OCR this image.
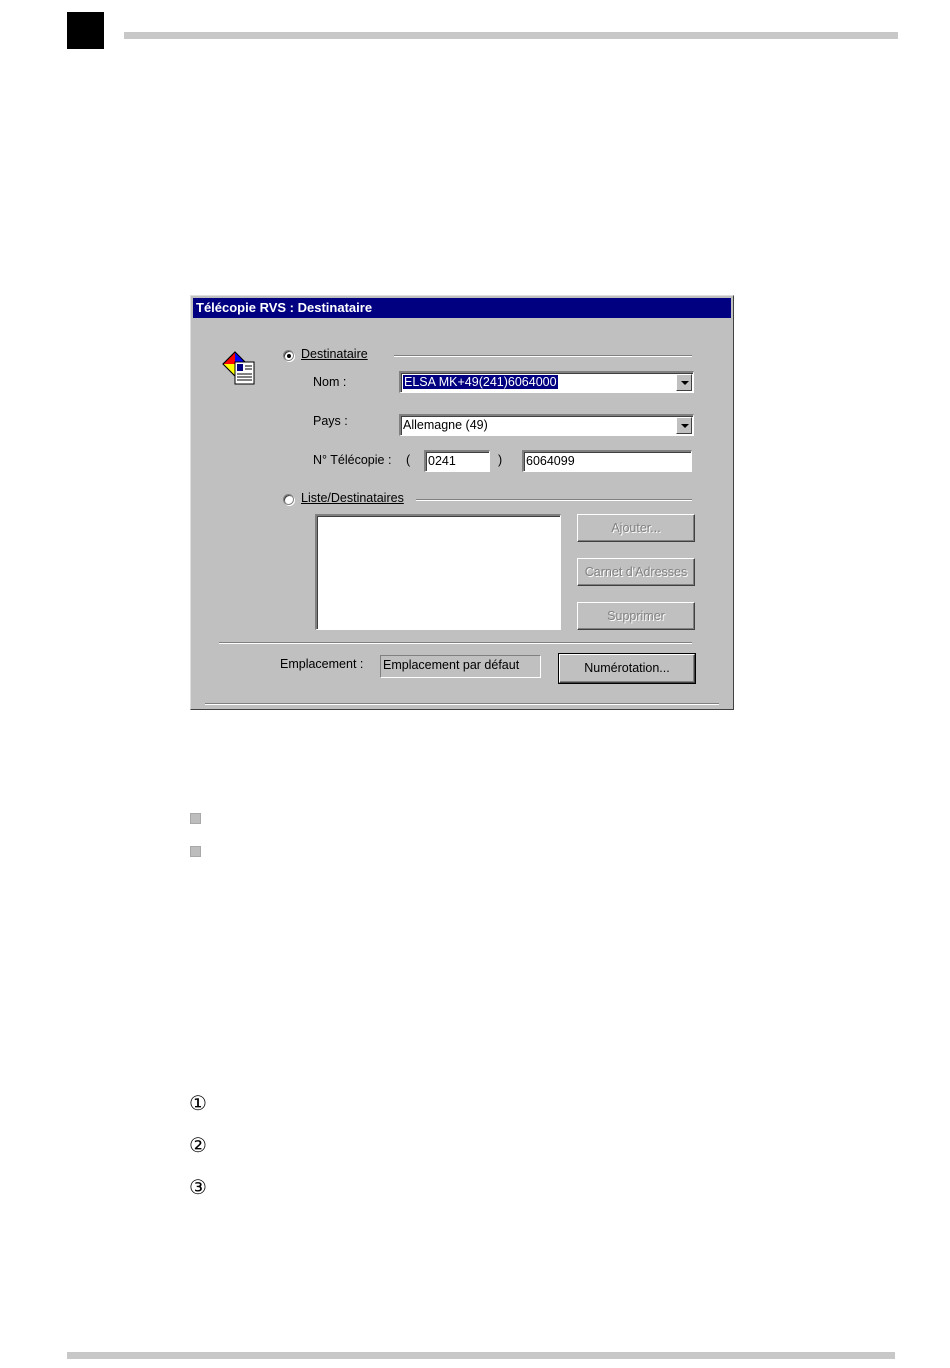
Télécopie RVS : Destinataire
Destinataire
Nom :	ELSA MK+49(241)6064000
Pays :	Allemagne (49)
N° Télécopie : (	0241	)	6064099
Liste/Destinataires
Ajouter...
Carnet d'Adresses
Supprimer
Emplacement : Emplacement par défaut	Numérotation...
①
②
③
